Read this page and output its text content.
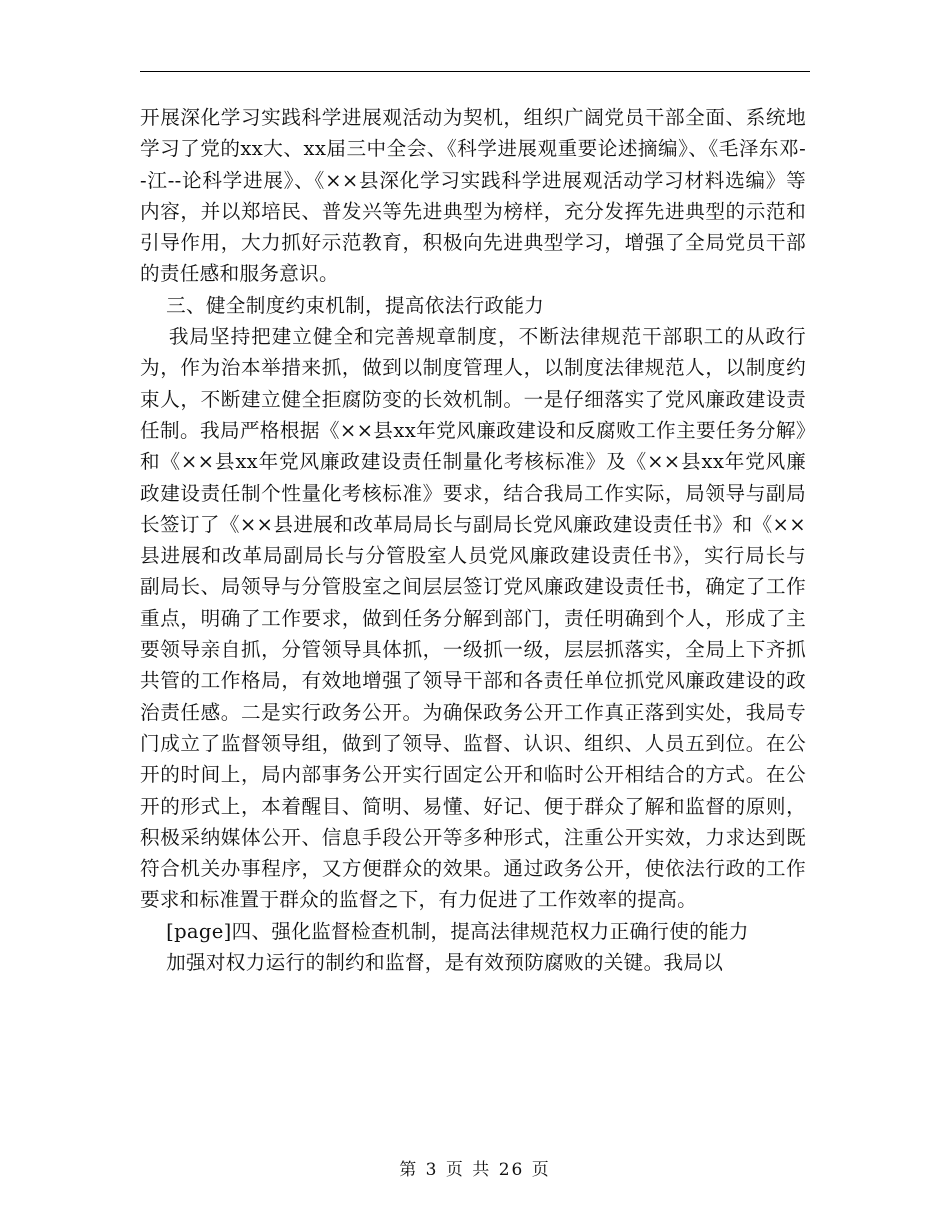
开展深化学习实践科学进展观活动为契机，组织广阔党员干部全面、系统地学习了党的xx大、xx届三中全会、《科学进展观重要论述摘编》、《毛泽东邓--江--论科学进展》、《××县深化学习实践科学进展观活动学习材料选编》等内容，并以郑培民、普发兴等先进典型为榜样，充分发挥先进典型的示范和引导作用，大力抓好示范教育，积极向先进典型学习，增强了全局党员干部的责任感和服务意识。

三、健全制度约束机制，提高依法行政能力

我局坚持把建立健全和完善规章制度，不断法律规范干部职工的从政行为，作为治本举措来抓，做到以制度管理人，以制度法律规范人，以制度约束人，不断建立健全拒腐防变的长效机制。一是仔细落实了党风廉政建设责任制。我局严格根据《××县xx年党风廉政建设和反腐败工作主要任务分解》和《××县xx年党风廉政建设责任制量化考核标准》及《××县xx年党风廉政建设责任制个性量化考核标准》要求，结合我局工作实际，局领导与副局长签订了《××县进展和改革局局长与副局长党风廉政建设责任书》和《××县进展和改革局副局长与分管股室人员党风廉政建设责任书》，实行局长与副局长、局领导与分管股室之间层层签订党风廉政建设责任书，确定了工作重点，明确了工作要求，做到任务分解到部门，责任明确到个人，形成了主要领导亲自抓，分管领导具体抓，一级抓一级，层层抓落实，全局上下齐抓共管的工作格局，有效地增强了领导干部和各责任单位抓党风廉政建设的政治责任感。二是实行政务公开。为确保政务公开工作真正落到实处，我局专门成立了监督领导组，做到了领导、监督、认识、组织、人员五到位。在公开的时间上，局内部事务公开实行固定公开和临时公开相结合的方式。在公开的形式上，本着醒目、简明、易懂、好记、便于群众了解和监督的原则，积极采纳媒体公开、信息手段公开等多种形式，注重公开实效，力求达到既符合机关办事程序，又方便群众的效果。通过政务公开，使依法行政的工作要求和标准置于群众的监督之下，有力促进了工作效率的提高。

[page]四、强化监督检查机制，提高法律规范权力正确行使的能力

加强对权力运行的制约和监督，是有效预防腐败的关键。我局以

第 3 页 共 26 页
